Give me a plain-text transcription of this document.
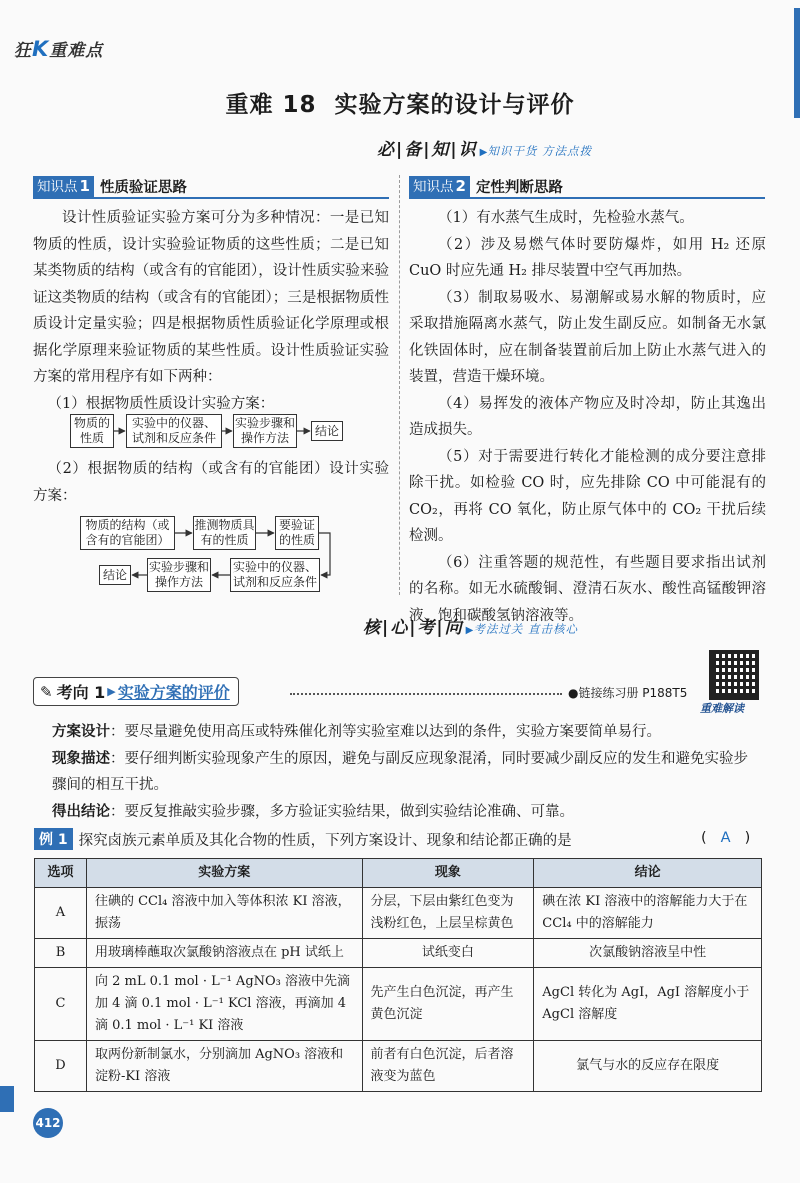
狂K重难点
重难 18 实验方案的设计与评价
必|备|知|识 ▶知识干货 方法点拨
知识点 1 性质验证思路
设计性质验证实验方案可分为多种情况：一是已知物质的性质，设计实验验证物质的这些性质；二是已知某类物质的结构（或含有的官能团），设计性质实验来验证这类物质的结构（或含有的官能团）；三是根据物质性质设计定量实验；四是根据物质性质验证化学原理或根据化学原理来验证物质的某些性质。设计性质验证实验方案的常用程序有如下两种：
（1）根据物质性质设计实验方案：
物质的性质
实验中的仪器、试剂和反应条件
实验步骤和操作方法
结论
（2）根据物质的结构（或含有的官能团）设计实验方案：
物质的结构（或含有的官能团）
推测物质具有的性质
要验证的性质
实验中的仪器、试剂和反应条件
实验步骤和操作方法
结论
知识点 2 定性判断思路
（1）有水蒸气生成时，先检验水蒸气。
（2）涉及易燃气体时要防爆炸，如用 H₂ 还原 CuO 时应先通 H₂ 排尽装置中空气再加热。
（3）制取易吸水、易潮解或易水解的物质时，应采取措施隔离水蒸气，防止发生副反应。如制备无水氯化铁固体时，应在制备装置前后加上防止水蒸气进入的装置，营造干燥环境。
（4）易挥发的液体产物应及时冷却，防止其逸出造成损失。
（5）对于需要进行转化才能检测的成分要注意排除干扰。如检验 CO 时，应先排除 CO 中可能混有的 CO₂，再将 CO 氧化，防止原气体中的 CO₂ 干扰后续检测。
（6）注重答题的规范性，有些题目要求指出试剂的名称。如无水硫酸铜、澄清石灰水、酸性高锰酸钾溶液、饱和碳酸氢钠溶液等。
核|心|考|向 ▶考法过关 直击核心
✎ 考向 1 ▶ 实验方案的评价	●链接练习册 P188T5
重难解读
方案设计：要尽量避免使用高压或特殊催化剂等实验室难以达到的条件，实验方案要简单易行。
现象描述：要仔细判断实验现象产生的原因，避免与副反应现象混淆，同时要减少副反应的发生和避免实验步骤间的相互干扰。
得出结论：要反复推敲实验步骤，多方验证实验结果，做到实验结论准确、可靠。
例 1 探究卤族元素单质及其化合物的性质，下列方案设计、现象和结论都正确的是	( A )
选项	实验方案	现象	结论
A	往碘的 CCl₄ 溶液中加入等体积浓 KI 溶液，振荡	分层，下层由紫红色变为浅粉红色，上层呈棕黄色	碘在浓 KI 溶液中的溶解能力大于在 CCl₄ 中的溶解能力
B	用玻璃棒蘸取次氯酸钠溶液点在 pH 试纸上	试纸变白	次氯酸钠溶液呈中性
C	向 2 mL 0.1 mol · L⁻¹ AgNO₃ 溶液中先滴加 4 滴 0.1 mol · L⁻¹ KCl 溶液，再滴加 4 滴 0.1 mol · L⁻¹ KI 溶液	先产生白色沉淀，再产生黄色沉淀	AgCl 转化为 AgI，AgI 溶解度小于 AgCl 溶解度
D	取两份新制氯水，分别滴加 AgNO₃ 溶液和淀粉-KI 溶液	前者有白色沉淀，后者溶液变为蓝色	氯气与水的反应存在限度
412
